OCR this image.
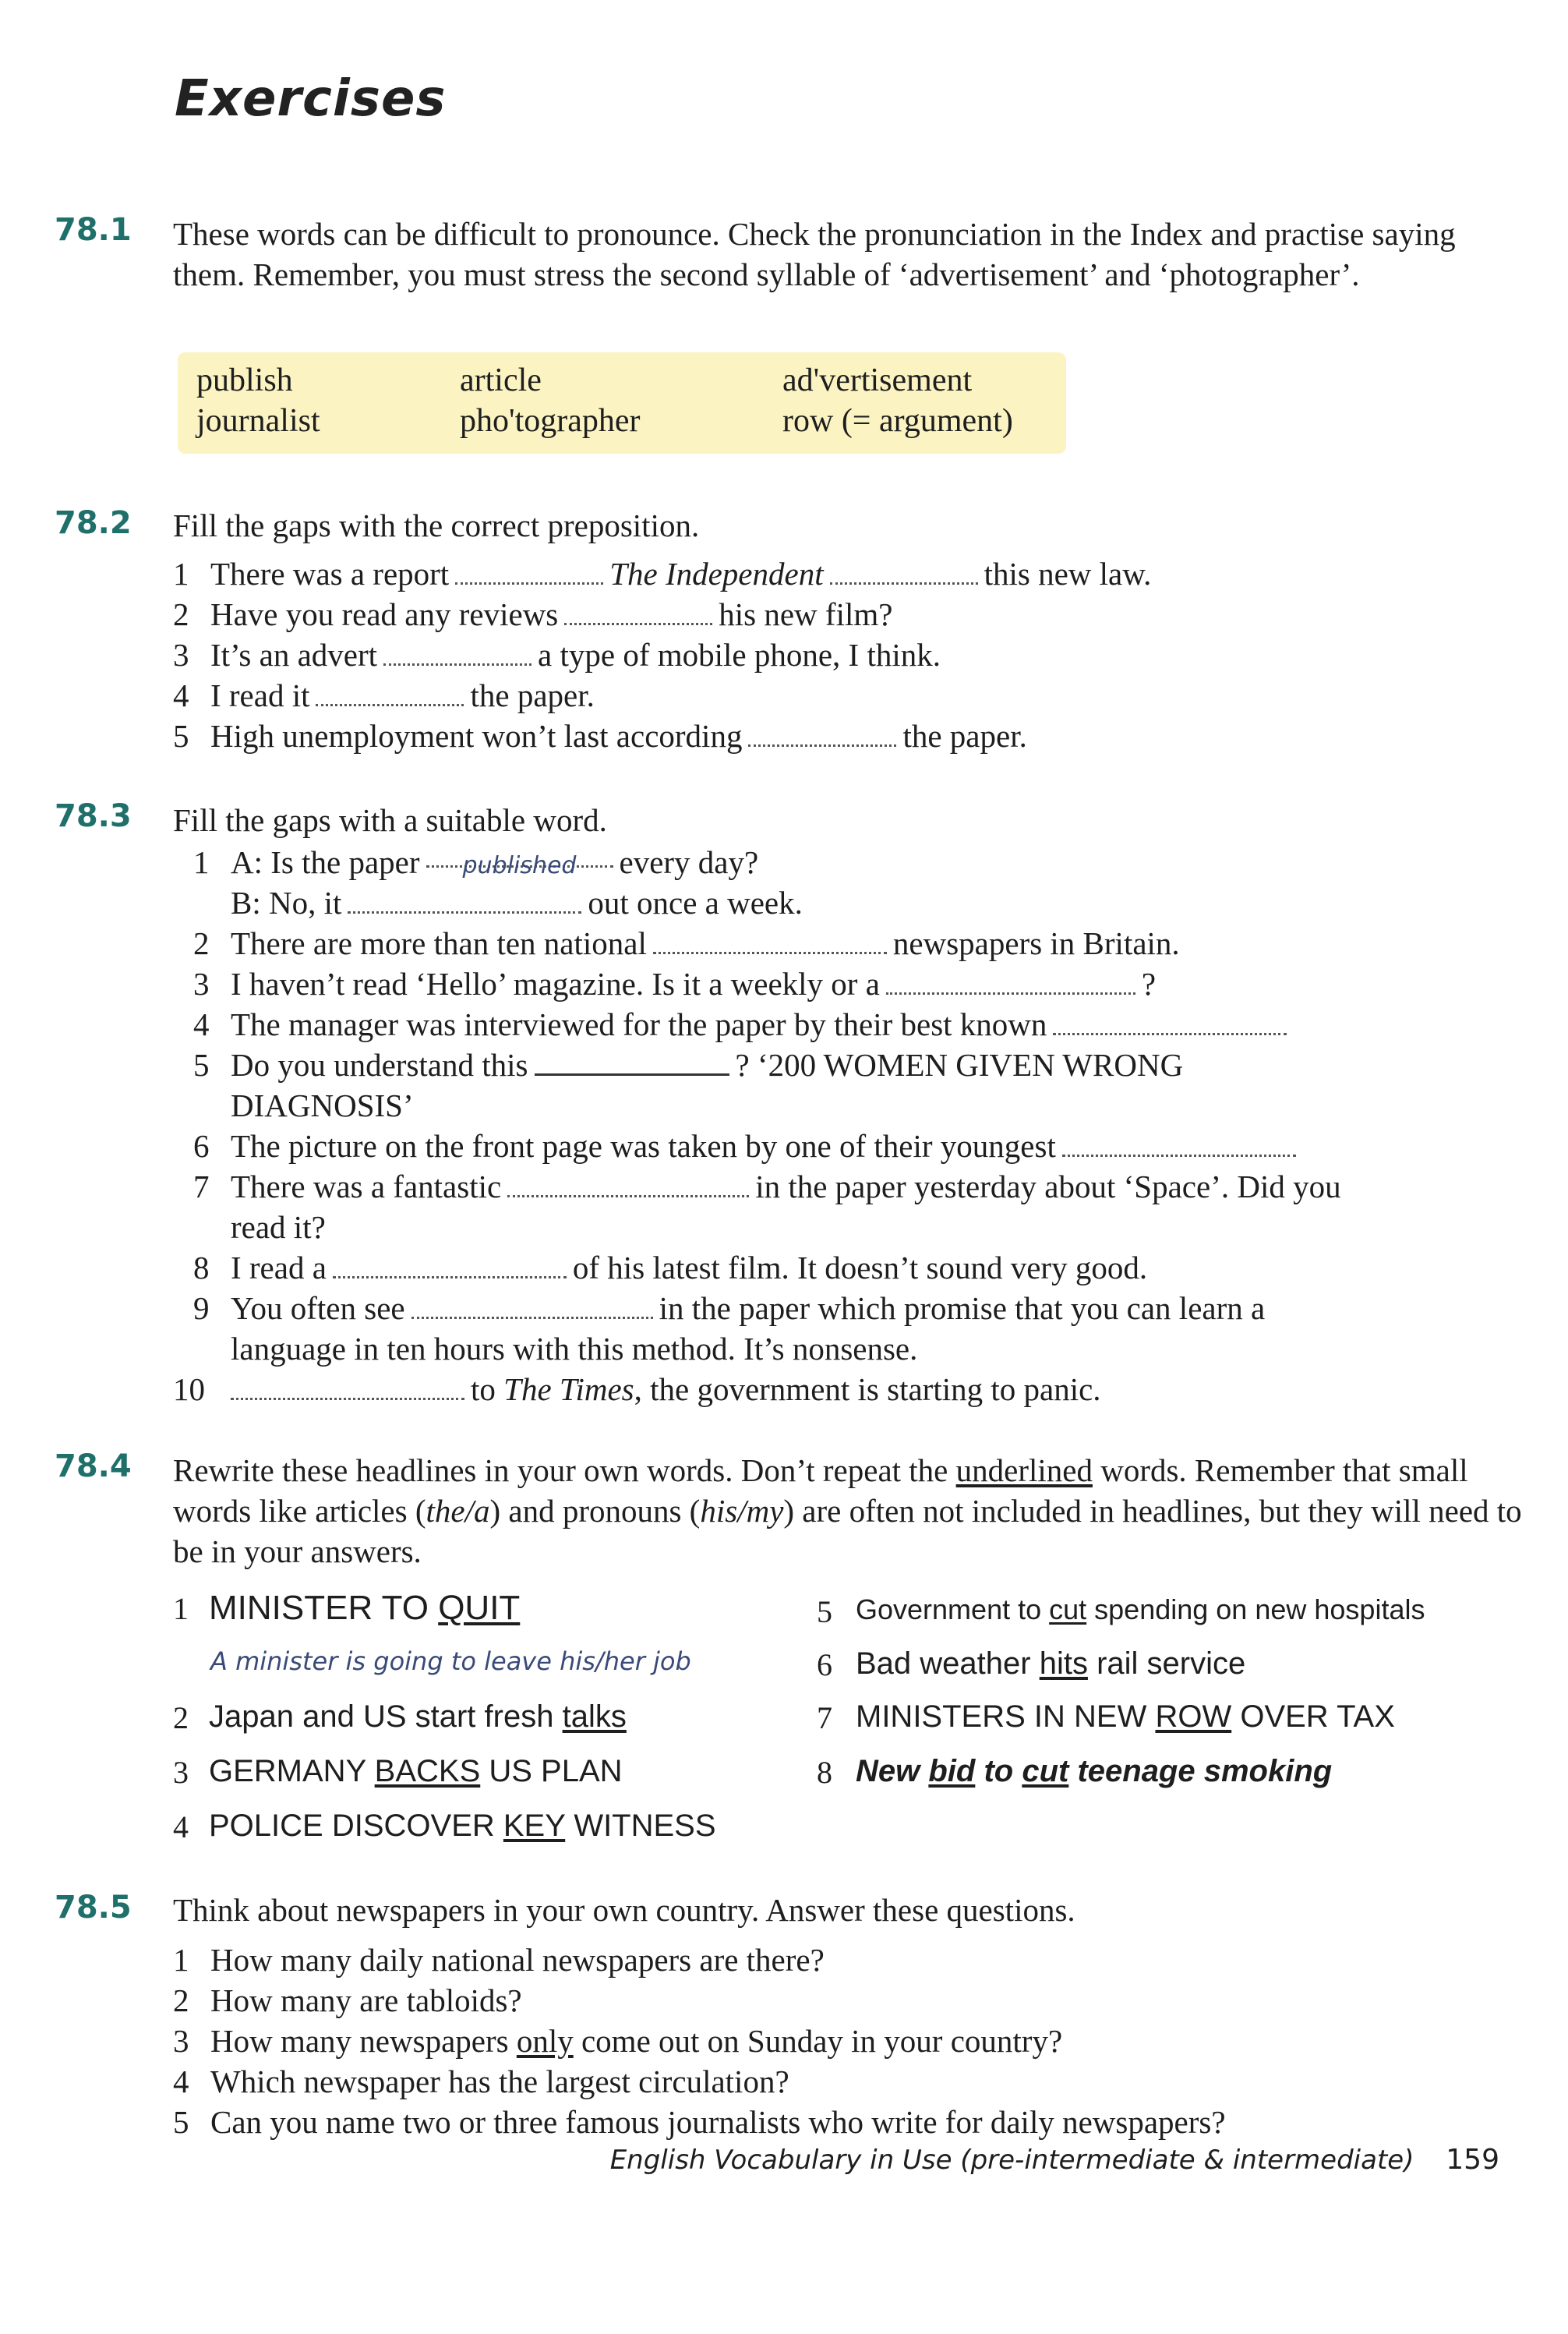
Exercises
78.1 These words can be difficult to pronounce. Check the pronunciation in the Index and practise saying them. Remember, you must stress the second syllable of ‘advertisement’ and ‘photographer’.
publish	article	ad'vertisement
journalist	pho'tographer	row (= argument)
78.2 Fill the gaps with the correct preposition.
1 There was a report	The Independent	this new law.
2 Have you read any reviews	his new film?
3 It’s an advert	a type of mobile phone, I think.
4 I read it	the paper.
5 High unemployment won’t last according	the paper.
78.3 Fill the gaps with a suitable word.
1 A: Is the paper published every day?
B: No, it	out once a week.
2 There are more than ten national	newspapers in Britain.
3 I haven’t read ‘Hello’ magazine. Is it a weekly or a	?
4 The manager was interviewed for the paper by their best known
5 Do you understand this	? ‘200 WOMEN GIVEN WRONG
DIAGNOSIS’
6 The picture on the front page was taken by one of their youngest
7 There was a fantastic	in the paper yesterday about ‘Space’. Did you
read it?
8 I read a	of his latest film. It doesn’t sound very good.
9 You often see	in the paper which promise that you can learn a
language in ten hours with this method. It’s nonsense.
10	to The Times, the government is starting to panic.
78.4 Rewrite these headlines in your own words. Don’t repeat the underlined words. Remember that small words like articles (the/a) and pronouns (his/my) are often not included in headlines, but they will need to be in your answers.
1 MINISTER TO QUIT
A minister is going to leave his/her job
2 Japan and US start fresh talks
3 GERMANY BACKS US PLAN
4 POLICE DISCOVER KEY WITNESS
5 Government to cut spending on new hospitals
6 Bad weather hits rail service
7 MINISTERS IN NEW ROW OVER TAX
8 New bid to cut teenage smoking
78.5 Think about newspapers in your own country. Answer these questions.
1 How many daily national newspapers are there?
2 How many are tabloids?
3 How many newspapers only come out on Sunday in your country?
4 Which newspaper has the largest circulation?
5 Can you name two or three famous journalists who write for daily newspapers?
English Vocabulary in Use (pre-intermediate & intermediate) 159
